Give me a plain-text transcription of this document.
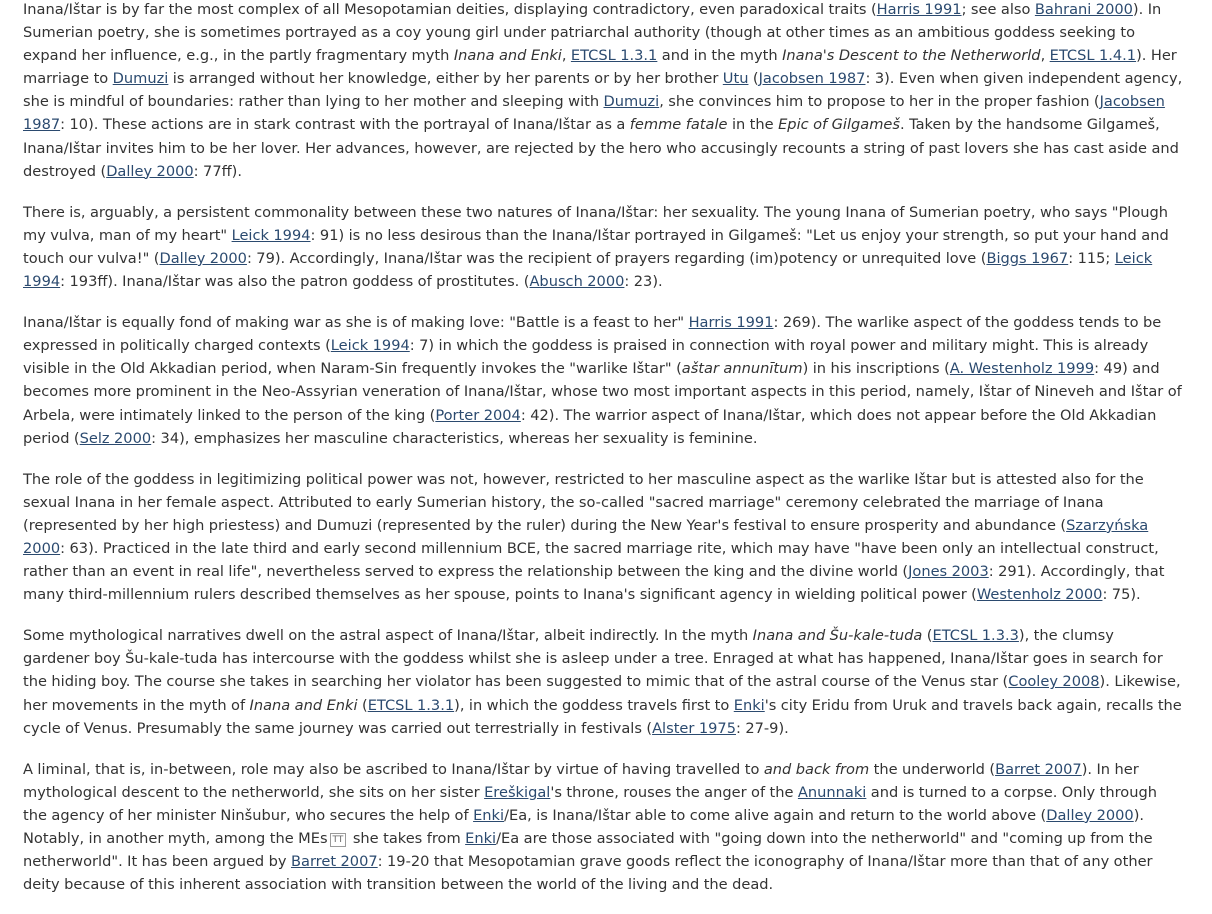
Inana/Ištar is by far the most complex of all Mesopotamian deities, displaying contradictory, even paradoxical traits (Harris 1991; see also Bahrani 2000). In Sumerian poetry, she is sometimes portrayed as a coy young girl under patriarchal authority (though at other times as an ambitious goddess seeking to expand her influence, e.g., in the partly fragmentary myth Inana and Enki, ETCSL 1.3.1 and in the myth Inana's Descent to the Netherworld, ETCSL 1.4.1). Her marriage to Dumuzi is arranged without her knowledge, either by her parents or by her brother Utu (Jacobsen 1987: 3). Even when given independent agency, she is mindful of boundaries: rather than lying to her mother and sleeping with Dumuzi, she convinces him to propose to her in the proper fashion (Jacobsen 1987: 10). These actions are in stark contrast with the portrayal of Inana/Ištar as a femme fatale in the Epic of Gilgameš. Taken by the handsome Gilgameš, Inana/Ištar invites him to be her lover. Her advances, however, are rejected by the hero who accusingly recounts a string of past lovers she has cast aside and destroyed (Dalley 2000: 77ff).

There is, arguably, a persistent commonality between these two natures of Inana/Ištar: her sexuality. The young Inana of Sumerian poetry, who says "Plough my vulva, man of my heart" Leick 1994: 91) is no less desirous than the Inana/Ištar portrayed in Gilgameš: "Let us enjoy your strength, so put your hand and touch our vulva!" (Dalley 2000: 79). Accordingly, Inana/Ištar was the recipient of prayers regarding (im)potency or unrequited love (Biggs 1967: 115; Leick 1994: 193ff). Inana/Ištar was also the patron goddess of prostitutes. (Abusch 2000: 23).

Inana/Ištar is equally fond of making war as she is of making love: "Battle is a feast to her" Harris 1991: 269). The warlike aspect of the goddess tends to be expressed in politically charged contexts (Leick 1994: 7) in which the goddess is praised in connection with royal power and military might. This is already visible in the Old Akkadian period, when Naram-Sin frequently invokes the "warlike Ištar" (aštar annunītum) in his inscriptions (A. Westenholz 1999: 49) and becomes more prominent in the Neo-Assyrian veneration of Inana/Ištar, whose two most important aspects in this period, namely, Ištar of Nineveh and Ištar of Arbela, were intimately linked to the person of the king (Porter 2004: 42). The warrior aspect of Inana/Ištar, which does not appear before the Old Akkadian period (Selz 2000: 34), emphasizes her masculine characteristics, whereas her sexuality is feminine.

The role of the goddess in legitimizing political power was not, however, restricted to her masculine aspect as the warlike Ištar but is attested also for the sexual Inana in her female aspect. Attributed to early Sumerian history, the so-called "sacred marriage" ceremony celebrated the marriage of Inana (represented by her high priestess) and Dumuzi (represented by the ruler) during the New Year's festival to ensure prosperity and abundance (Szarzyńska 2000: 63). Practiced in the late third and early second millennium BCE, the sacred marriage rite, which may have "have been only an intellectual construct, rather than an event in real life", nevertheless served to express the relationship between the king and the divine world (Jones 2003: 291). Accordingly, that many third-millennium rulers described themselves as her spouse, points to Inana's significant agency in wielding political power (Westenholz 2000: 75).

Some mythological narratives dwell on the astral aspect of Inana/Ištar, albeit indirectly. In the myth Inana and Šu-kale-tuda (ETCSL 1.3.3), the clumsy gardener boy Šu-kale-tuda has intercourse with the goddess whilst she is asleep under a tree. Enraged at what has happened, Inana/Ištar goes in search for the hiding boy. The course she takes in searching her violator has been suggested to mimic that of the astral course of the Venus star (Cooley 2008). Likewise, her movements in the myth of Inana and Enki (ETCSL 1.3.1), in which the goddess travels first to Enki's city Eridu from Uruk and travels back again, recalls the cycle of Venus. Presumably the same journey was carried out terrestrially in festivals (Alster 1975: 27-9).

A liminal, that is, in-between, role may also be ascribed to Inana/Ištar by virtue of having travelled to and back from the underworld (Barret 2007). In her mythological descent to the netherworld, she sits on her sister Ereškigal's throne, rouses the anger of the Anunnaki and is turned to a corpse. Only through the agency of her minister Ninšubur, who secures the help of Enki/Ea, is Inana/Ištar able to come alive again and return to the world above (Dalley 2000). Notably, in another myth, among the MEs TT she takes from Enki/Ea are those associated with "going down into the netherworld" and "coming up from the netherworld". It has been argued by Barret 2007: 19-20 that Mesopotamian grave goods reflect the iconography of Inana/Ištar more than that of any other deity because of this inherent association with transition between the world of the living and the dead.
